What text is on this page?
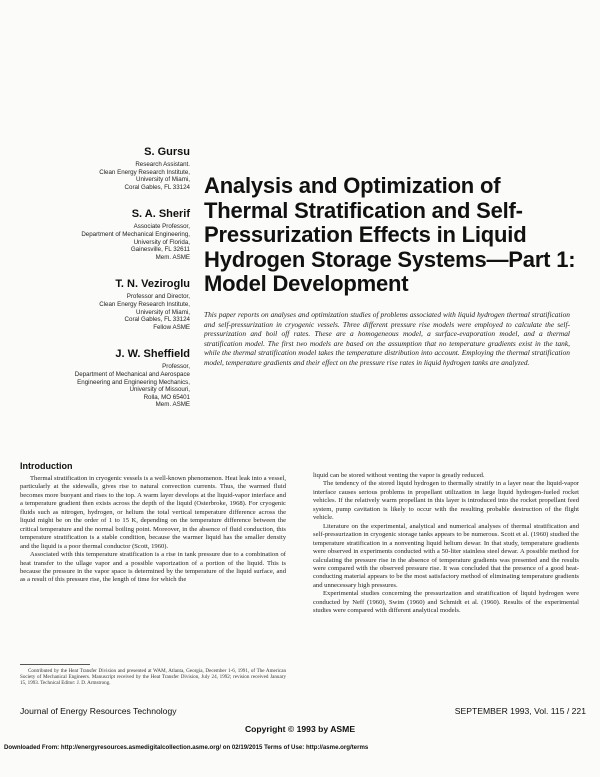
S. Gursu
Research Assistant.
Clean Energy Research Institute,
University of Miami,
Coral Gables, FL 33124
S. A. Sherif
Associate Professor,
Department of Mechanical Engineering,
University of Florida,
Gainesville, FL 32611
Mem. ASME
T. N. Veziroglu
Professor and Director,
Clean Energy Research Institute,
University of Miami,
Coral Gables, FL 33124
Fellow ASME
J. W. Sheffield
Professor,
Department of Mechanical and Aerospace
Engineering and Engineering Mechanics,
University of Missouri,
Rolla, MO 65401
Mem. ASME
Analysis and Optimization of Thermal Stratification and Self-Pressurization Effects in Liquid Hydrogen Storage Systems—Part 1: Model Development

This paper reports on analyses and optimization studies of problems associated with liquid hydrogen thermal stratification and self-pressurization in cryogenic vessels. Three different pressure rise models were employed to calculate the self-pressurization and boil off rates. These are a homogeneous model, a surface-evaporation model, and a thermal stratification model. The first two models are based on the assumption that no temperature gradients exist in the tank, while the thermal stratification model takes the temperature distribution into account. Employing the thermal stratification model, temperature gradients and their effect on the pressure rise rates in liquid hydrogen tanks are analyzed.

Introduction

Thermal stratification in cryogenic vessels is a well-known phenomenon. Heat leak into a vessel, particularly at the sidewalls, gives rise to natural convection currents. Thus, the warmed fluid becomes more buoyant and rises to the top. A warm layer develops at the liquid-vapor interface and a temperature gradient then exists across the depth of the liquid (Osterbroke, 1968). For cryogenic fluids such as nitrogen, hydrogen, or helium the total vertical temperature difference across the liquid might be on the order of 1 to 15 K, depending on the temperature difference between the critical temperature and the normal boiling point. Moreover, in the absence of fluid conduction, this temperature stratification is a stable condition, because the warmer liquid has the smaller density and the liquid is a poor thermal conductor (Scott, 1960).

Associated with this temperature stratification is a rise in tank pressure due to a combination of heat transfer to the ullage vapor and a possible vaporization of a portion of the liquid. This is because the pressure in the vapor space is determined by the temperature of the liquid surface, and as a result of this pressure rise, the length of time for which the

liquid can be stored without venting the vapor is greatly reduced.

The tendency of the stored liquid hydrogen to thermally stratify in a layer near the liquid-vapor interface causes serious problems in propellant utilization in large liquid hydrogen-fueled rocket vehicles. If the relatively warm propellant in this layer is introduced into the rocket propellant feed system, pump cavitation is likely to occur with the resulting probable destruction of the flight vehicle.

Literature on the experimental, analytical and numerical analyses of thermal stratification and self-pressurization in cryogenic storage tanks appears to be numerous. Scott et al. (1960) studied the temperature stratification in a nonventing liquid helium dewar. In that study, temperature gradients were observed in experiments conducted with a 50-liter stainless steel dewar. A possible method for calculating the pressure rise in the absence of temperature gradients was presented and the results were compared with the observed pressure rise. It was concluded that the presence of a good heat-conducting material appears to be the most satisfactory method of eliminating temperature gradients and unnecessary high pressures.

Experimental studies concerning the pressurization and stratification of liquid hydrogen were conducted by Neff (1960), Swim (1960) and Schmidt et al. (1960). Results of the experimental studies were compared with different analytical models.

Contributed by the Heat Transfer Division and presented at WAM, Atlanta, Georgia, December 1-6, 1991, of The American Society of Mechanical Engineers. Manuscript received by the Heat Transfer Division, July 24, 1992; revision received January 15, 1993. Technical Editor: J. D. Armstrong.

Journal of Energy Resources Technology	SEPTEMBER 1993, Vol. 115 / 221
Copyright © 1993 by ASME
Downloaded From: http://energyresources.asmedigitalcollection.asme.org/ on 02/19/2015 Terms of Use: http://asme.org/terms
